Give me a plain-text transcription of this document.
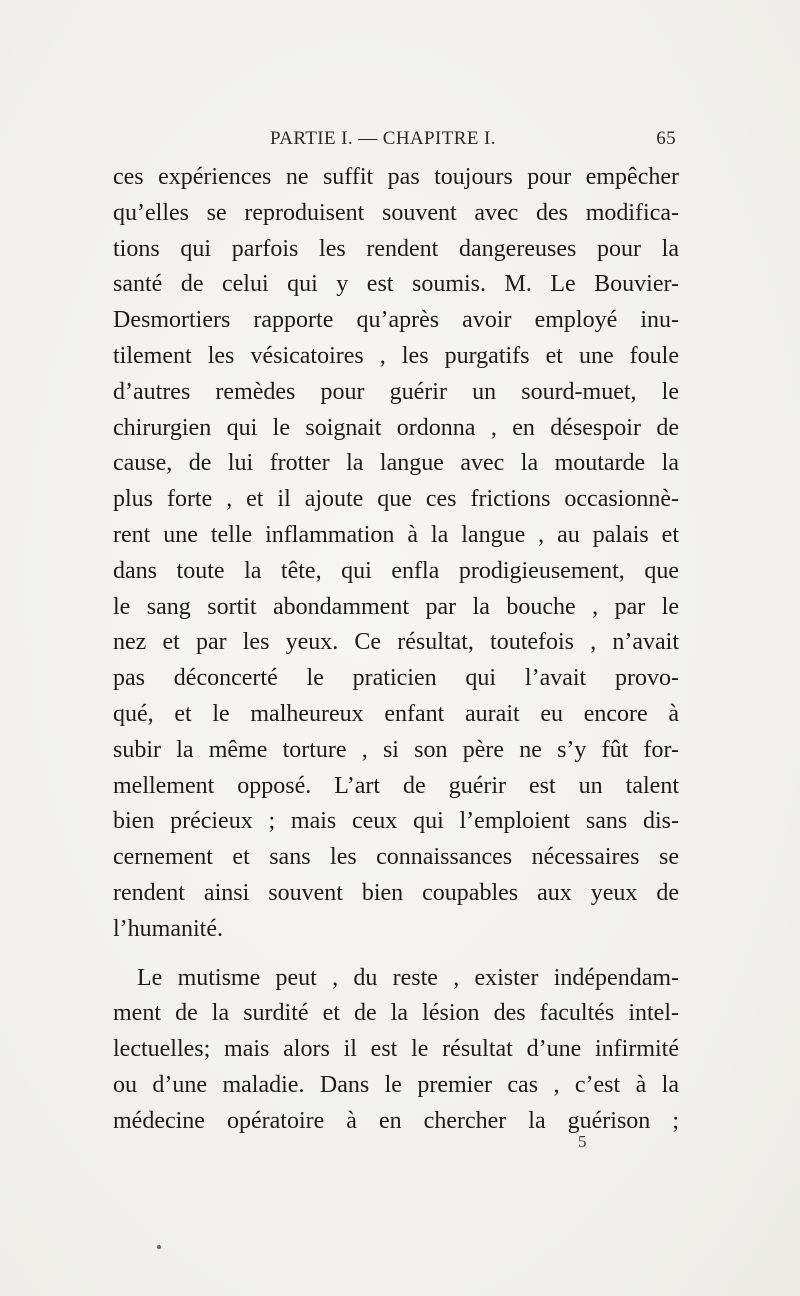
PARTIE I. — CHAPITRE I.	65
ces expériences ne suffit pas toujours pour empêcher
qu’elles se reproduisent souvent avec des modifica-
tions qui parfois les rendent dangereuses pour la
santé de celui qui y est soumis. M. Le Bouvier-
Desmortiers rapporte qu’après avoir employé inu-
tilement les vésicatoires , les purgatifs et une foule
d’autres remèdes pour guérir un sourd-muet, le
chirurgien qui le soignait ordonna , en désespoir de
cause, de lui frotter la langue avec la moutarde la
plus forte , et il ajoute que ces frictions occasionnè-
rent une telle inflammation à la langue , au palais et
dans toute la tête, qui enfla prodigieusement, que
le sang sortit abondamment par la bouche , par le
nez et par les yeux. Ce résultat, toutefois , n’avait
pas déconcerté le praticien qui l’avait provo-
qué, et le malheureux enfant aurait eu encore à
subir la même torture , si son père ne s’y fût for-
mellement opposé. L’art de guérir est un talent
bien précieux ; mais ceux qui l’emploient sans dis-
cernement et sans les connaissances nécessaires se
rendent ainsi souvent bien coupables aux yeux de
l’humanité.
Le mutisme peut , du reste , exister indépendam-
ment de la surdité et de la lésion des facultés intel-
lectuelles; mais alors il est le résultat d’une infirmité
ou d’une maladie. Dans le premier cas , c’est à la
médecine opératoire à en chercher la guérison ;
5
